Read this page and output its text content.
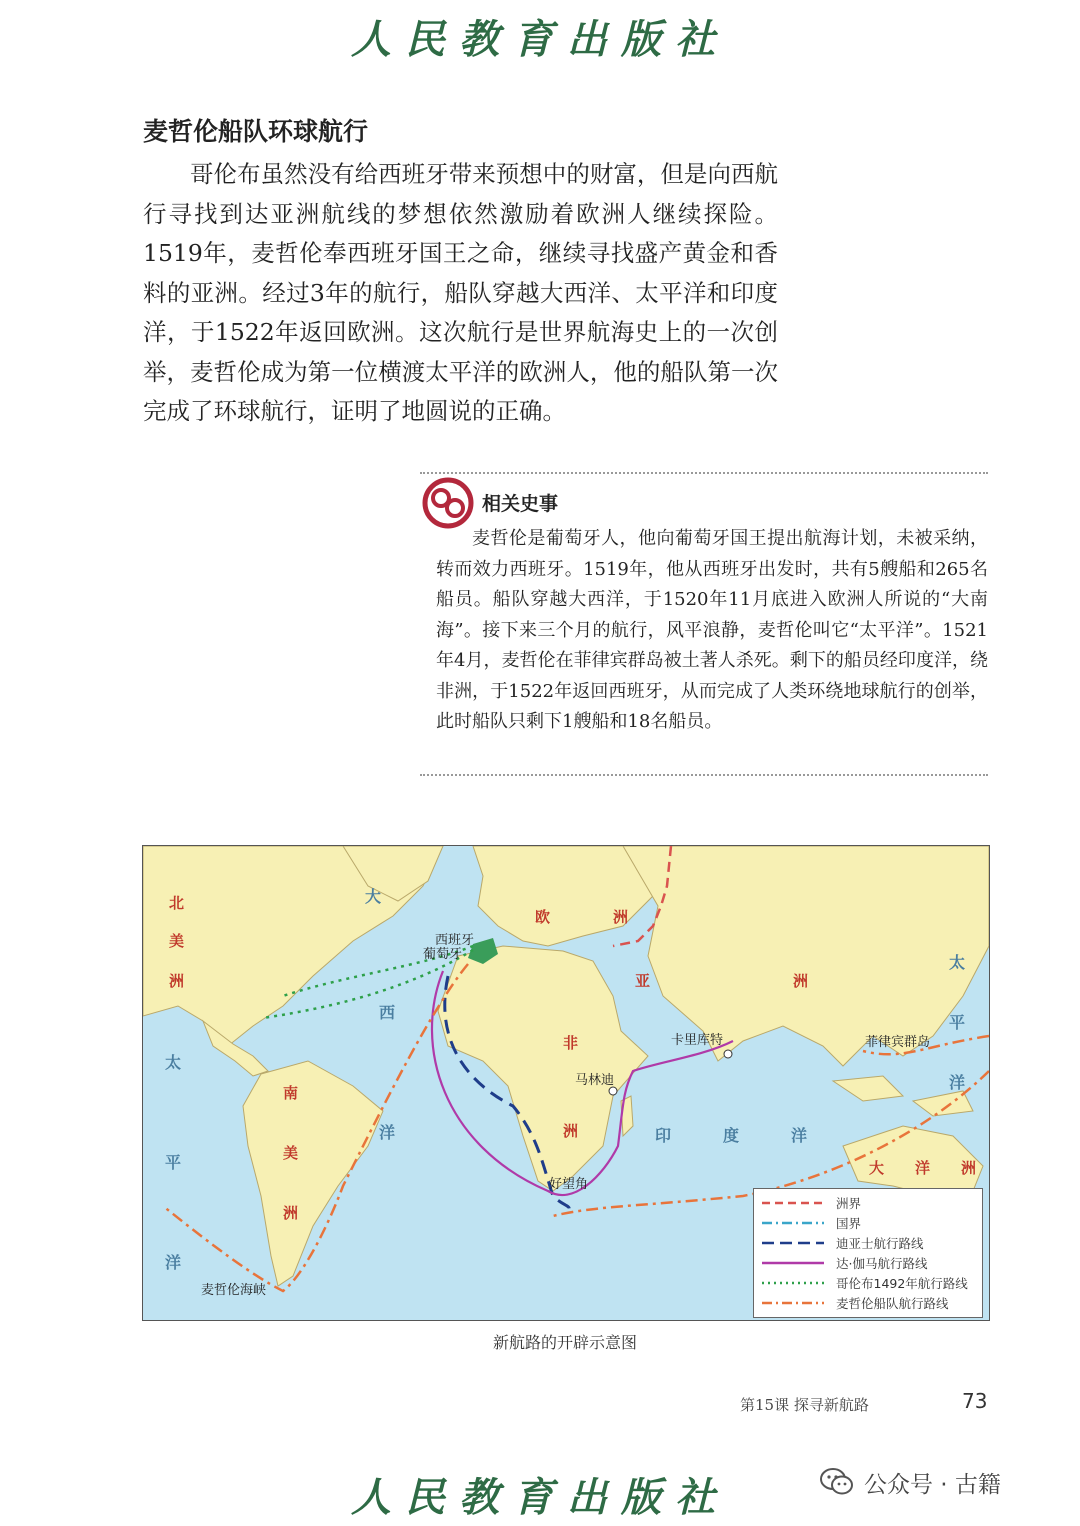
人民教育出版社
麦哲伦船队环球航行

哥伦布虽然没有给西班牙带来预想中的财富，但是向西航行寻找到达亚洲航线的梦想依然激励着欧洲人继续探险。1519年，麦哲伦奉西班牙国王之命，继续寻找盛产黄金和香料的亚洲。经过3年的航行，船队穿越大西洋、太平洋和印度洋，于1522年返回欧洲。这次航行是世界航海史上的一次创举，麦哲伦成为第一位横渡太平洋的欧洲人，他的船队第一次完成了环球航行，证明了地圆说的正确。

相关史事

麦哲伦是葡萄牙人，他向葡萄牙国王提出航海计划，未被采纳，转而效力西班牙。1519年，他从西班牙出发时，共有5艘船和265名船员。船队穿越大西洋，于1520年11月底进入欧洲人所说的“大南海”。接下来三个月的航行，风平浪静，麦哲伦叫它“太平洋”。1521年4月，麦哲伦在菲律宾群岛被土著人杀死。剩下的船员经印度洋，绕非洲，于1522年返回西班牙，从而完成了人类环绕地球航行的创举，此时船队只剩下1艘船和18名船员。

北
美
洲
南
美
洲
欧	洲
亚	洲
非
洲
大 洋 洲
大
西
洋
太
平
洋
太
平
洋
印	度	洋
西班牙
葡萄牙
卡里库特
马林迪
好望角
菲律宾群岛
麦哲伦海峡
洲界
国界
迪亚士航行路线
达·伽马航行路线
哥伦布1492年航行路线
麦哲伦船队航行路线
新航路的开辟示意图
第15课 探寻新航路	73
人民教育出版社	公众号 · 古籍
